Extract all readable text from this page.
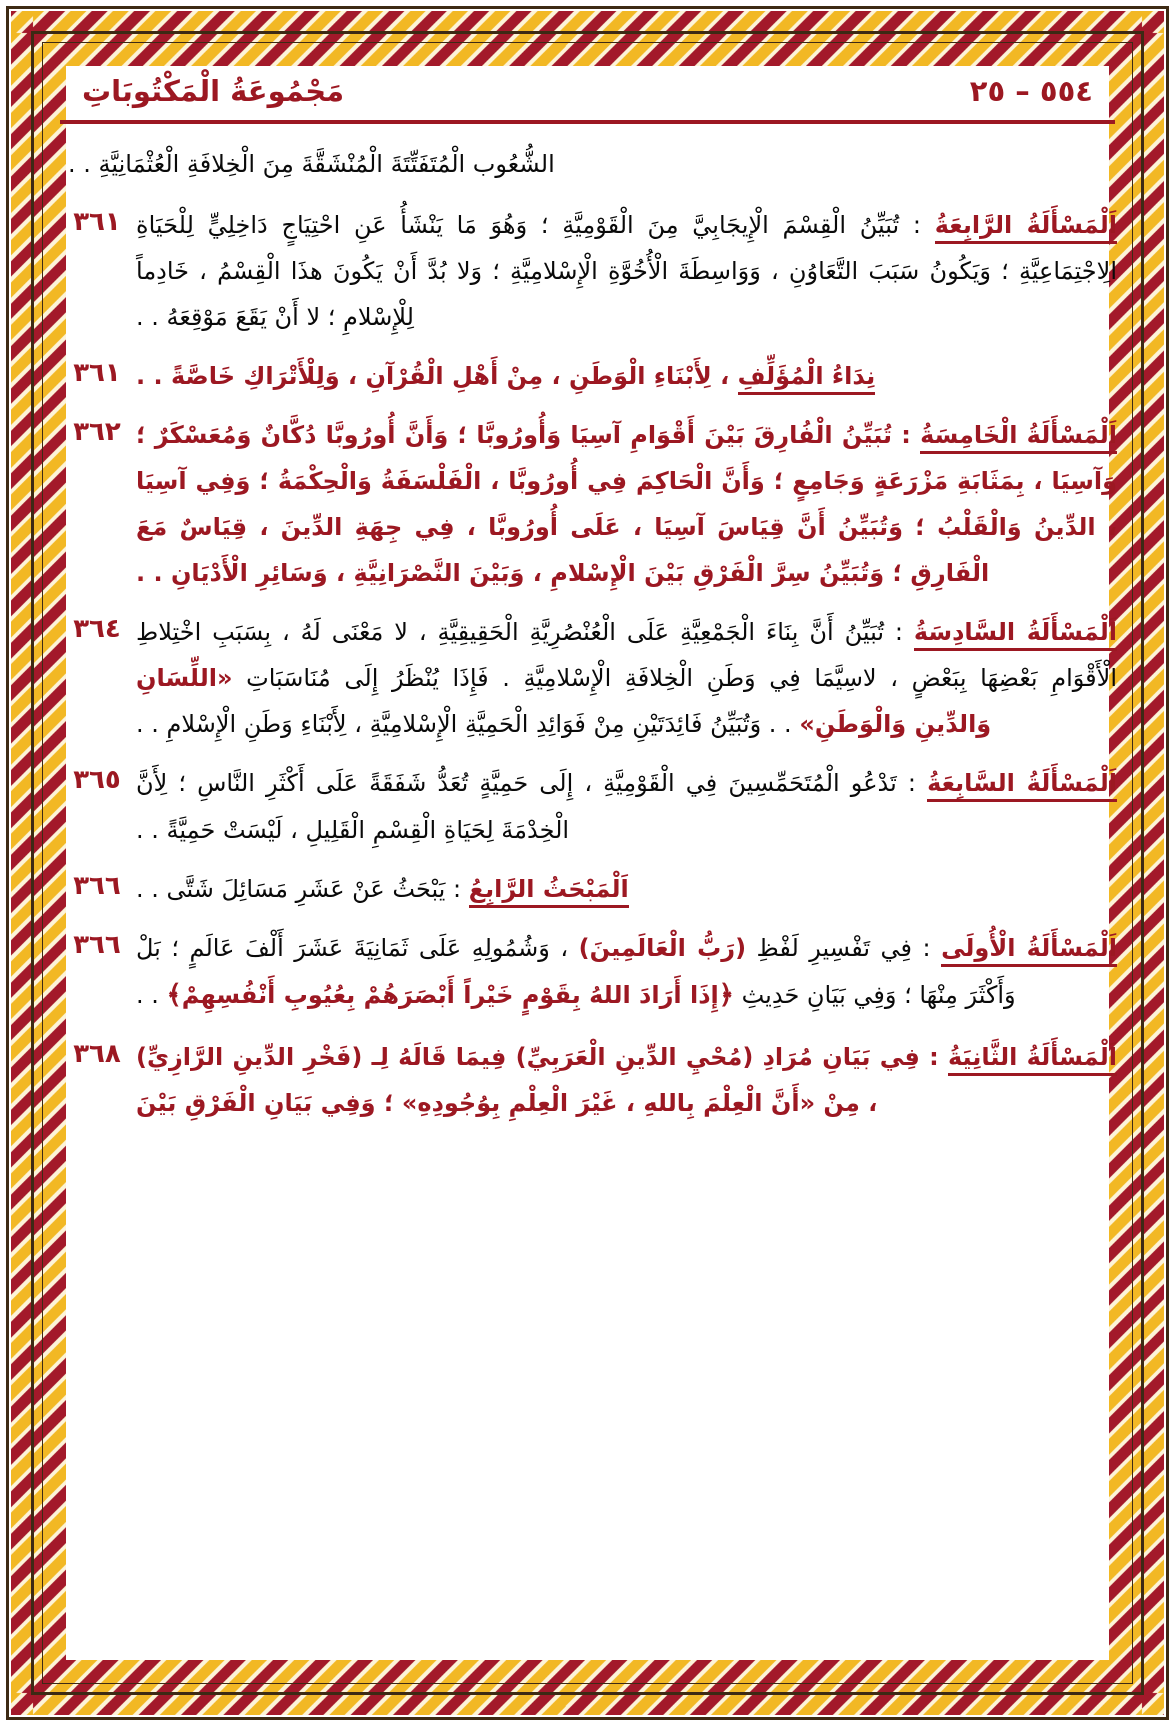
مَجْمُوعَةُ الْمَكْتُوبَاتِ	٥٥٤ – ٢٥
الشُّعُوب الْمُتَفَتِّتَةَ الْمُنْشَقَّةَ مِنَ الْخِلافَةِ الْعُثْمَانِيَّةِ . .
٣٦١	اَلْمَسْأَلَةُ الرَّابِعَةُ : تُبَيِّنُ الْقِسْمَ الْإِيجَابِيَّ مِنَ الْقَوْمِيَّةِ ؛ وَهُوَ مَا يَنْشَأُ عَنِ احْتِيَاجٍ دَاخِلِيٍّ لِلْحَيَاةِ الِاجْتِمَاعِيَّةِ ؛ وَيَكُونُ سَبَبَ التَّعَاوُنِ ، وَوَاسِطَةَ الْأُخُوَّةِ الْإِسْلامِيَّةِ ؛ وَلا بُدَّ أَنْ يَكُونَ هذَا الْقِسْمُ ، خَادِماً لِلْإِسْلامِ ؛ لا أَنْ يَقَعَ مَوْقِعَهُ . .
٣٦١	نِدَاءُ الْمُؤَلِّفِ ، لِأَبْنَاءِ الْوَطَنِ ، مِنْ أَهْلِ الْقُرْآنِ ، وَلِلْأَتْرَاكِ خَاصَّةً . .
٣٦٢	اَلْمَسْأَلَةُ الْخَامِسَةُ : تُبَيِّنُ الْفُارِقَ بَيْنَ أَقْوَامِ آسِيَا وَأُورُوبَّا ؛ وَأَنَّ أُورُوبَّا دُكَّانٌ وَمُعَسْكَرٌ ؛ وَآسِيَا ، بِمَثَابَةِ مَزْرَعَةٍ وَجَامِعٍ ؛ وَأَنَّ الْحَاكِمَ فِي أُورُوبَّا ، الْفَلْسَفَةُ وَالْحِكْمَةُ ؛ وَفِي آسِيَا ، الدِّينُ وَالْقَلْبُ ؛ وَتُبَيِّنُ أَنَّ قِيَاسَ آسِيَا ، عَلَى أُورُوبَّا ، فِي جِهَةِ الدِّينَ ، قِيَاسٌ مَعَ الْفَارِقِ ؛ وَتُبَيِّنُ سِرَّ الْفَرْقِ بَيْنَ الْإِسْلامِ ، وَبَيْنَ النَّصْرَانِيَّةِ ، وَسَائِرِ الْأَدْيَانِ . .
٣٦٤	اَلْمَسْأَلَةُ السَّادِسَةُ : تُبَيِّنُ أَنَّ بِنَاءَ الْجَمْعِيَّةِ عَلَى الْعُنْصُرِيَّةِ الْحَقِيقِيَّةِ ، لا مَعْنَى لَهُ ، بِسَبَبِ اخْتِلاطِ الْأَقْوَامِ بَعْضِهَا بِبَعْضٍ ، لاسِيَّمَا فِي وَطَنِ الْخِلافَةِ الْإِسْلامِيَّةِ . فَإِذَا يُنْظَرُ إِلَى مُنَاسَبَاتِ «اللِّسَانِ وَالدِّينِ وَالْوَطَنِ» . . وَتُبَيِّنُ فَائِدَتَيْنِ مِنْ فَوَائِدِ الْحَمِيَّةِ الْإِسْلامِيَّةِ ، لِأَبْنَاءِ وَطَنِ الْإِسْلامِ . .
٣٦٥	اَلْمَسْأَلَةُ السَّابِعَةُ : تَدْعُو الْمُتَحَمِّسِينَ فِي الْقَوْمِيَّةِ ، إِلَى حَمِيَّةٍ تُعَدُّ شَفَقَةً عَلَى أَكْثَرِ النَّاسِ ؛ لِأَنَّ الْخِدْمَةَ لِحَيَاةِ الْقِسْمِ الْقَلِيلِ ، لَيْسَتْ حَمِيَّةً . .
٣٦٦	اَلْمَبْحَثُ الرَّابِعُ : يَبْحَثُ عَنْ عَشَرِ مَسَائِلَ شَتَّى . .
٣٦٦	اَلْمَسْأَلَةُ الْأُولَى : فِي تَفْسِيرِ لَفْظِ (رَبُّ الْعَالَمِينَ) ، وَشُمُولِهِ عَلَى ثَمَانِيَةَ عَشَرَ أَلْفَ عَالَمٍ ؛ بَلْ وَأَكْثَرَ مِنْهَا ؛ وَفِي بَيَانِ حَدِيثِ ﴿إِذَا أَرَادَ اللهُ بِقَوْمٍ خَيْراً أَبْصَرَهُمْ بِعُيُوبِ أَنْفُسِهِمْ﴾ . .
٣٦٨	اَلْمَسْأَلَةُ الثَّانِيَةُ : فِي بَيَانِ مُرَادِ (مُحْيِ الدِّينِ الْعَرَبِيِّ) فِيمَا قَالَهُ لِـ (فَخْرِ الدِّينِ الرَّازِيِّ) ، مِنْ «أَنَّ الْعِلْمَ بِاللهِ ، غَيْرَ الْعِلْمِ بِوُجُودِهِ» ؛ وَفِي بَيَانِ الْفَرْقِ بَيْنَ
